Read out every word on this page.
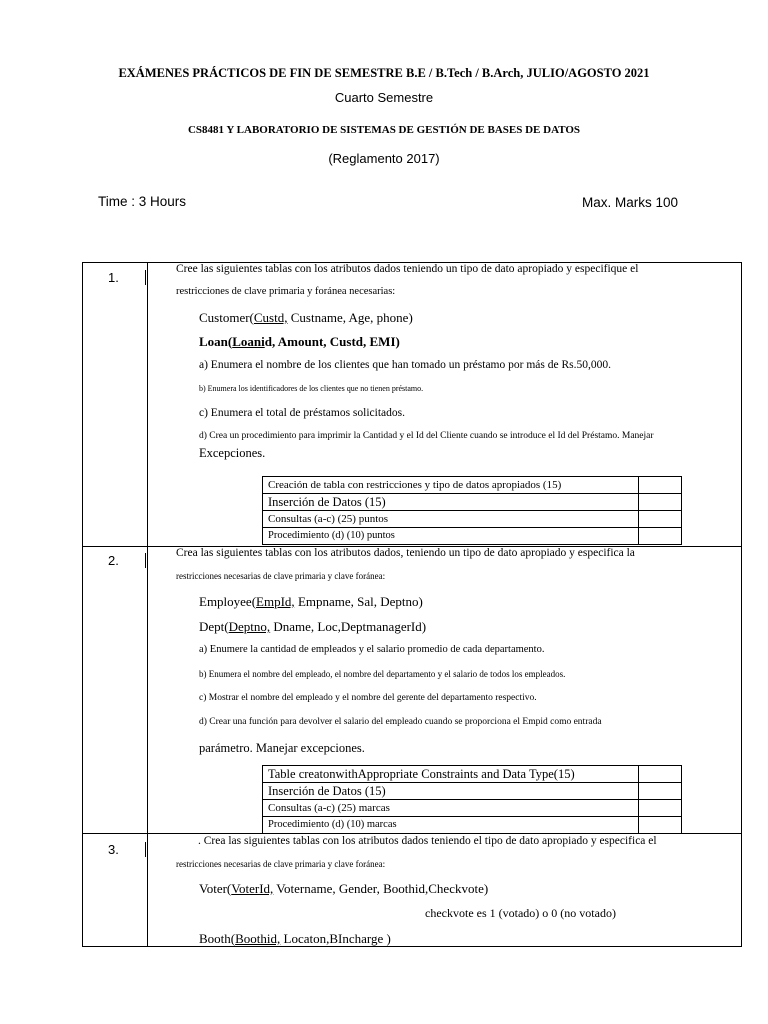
EXÁMENES PRÁCTICOS DE FIN DE SEMESTRE B.E / B.Tech / B.Arch, JULIO/AGOSTO 2021
Cuarto Semestre
CS8481 Y LABORATORIO DE SISTEMAS DE GESTIÓN DE BASES DE DATOS
(Reglamento 2017)
Time : 3 Hours	Max. Marks 100
1.
Cree las siguientes tablas con los atributos dados teniendo un tipo de dato apropiado y especifique el
restricciones de clave primaria y foránea necesarias:
Customer(Custd, Custname, Age, phone)
Loan(Loanid, Amount, Custd, EMI)
a) Enumera el nombre de los clientes que han tomado un préstamo por más de Rs.50,000.
b) Enumera los identificadores de los clientes que no tienen préstamo.
c) Enumera el total de préstamos solicitados.
d) Crea un procedimiento para imprimir la Cantidad y el Id del Cliente cuando se introduce el Id del Préstamo. Manejar
Excepciones.
Creación de tabla con restricciones y tipo de datos apropiados (15)	
Inserción de Datos (15)	
Consultas (a-c) (25) puntos	
Procedimiento (d) (10) puntos	
2.	Crea las siguientes tablas con los atributos dados, teniendo un tipo de dato apropiado y especifica la
restricciones necesarias de clave primaria y clave foránea:
Employee(EmpId, Empname, Sal, Deptno)
Dept(Deptno, Dname, Loc,DeptmanagerId)
a) Enumere la cantidad de empleados y el salario promedio de cada departamento.
b) Enumera el nombre del empleado, el nombre del departamento y el salario de todos los empleados.
c) Mostrar el nombre del empleado y el nombre del gerente del departamento respectivo.
d) Crear una función para devolver el salario del empleado cuando se proporciona el Empid como entrada
parámetro. Manejar excepciones.
Table creatonwithAppropriate Constraints and Data Type(15)	
Inserción de Datos (15)	
Consultas (a-c) (25) marcas	
Procedimiento (d) (10) marcas	
3.
. Crea las siguientes tablas con los atributos dados teniendo el tipo de dato apropiado y especifica el
restricciones necesarias de clave primaria y clave foránea:
Voter(VoterId, Votername, Gender, Boothid,Checkvote)
checkvote es 1 (votado) o 0 (no votado)
Booth(Boothid, Locaton,BIncharge )
